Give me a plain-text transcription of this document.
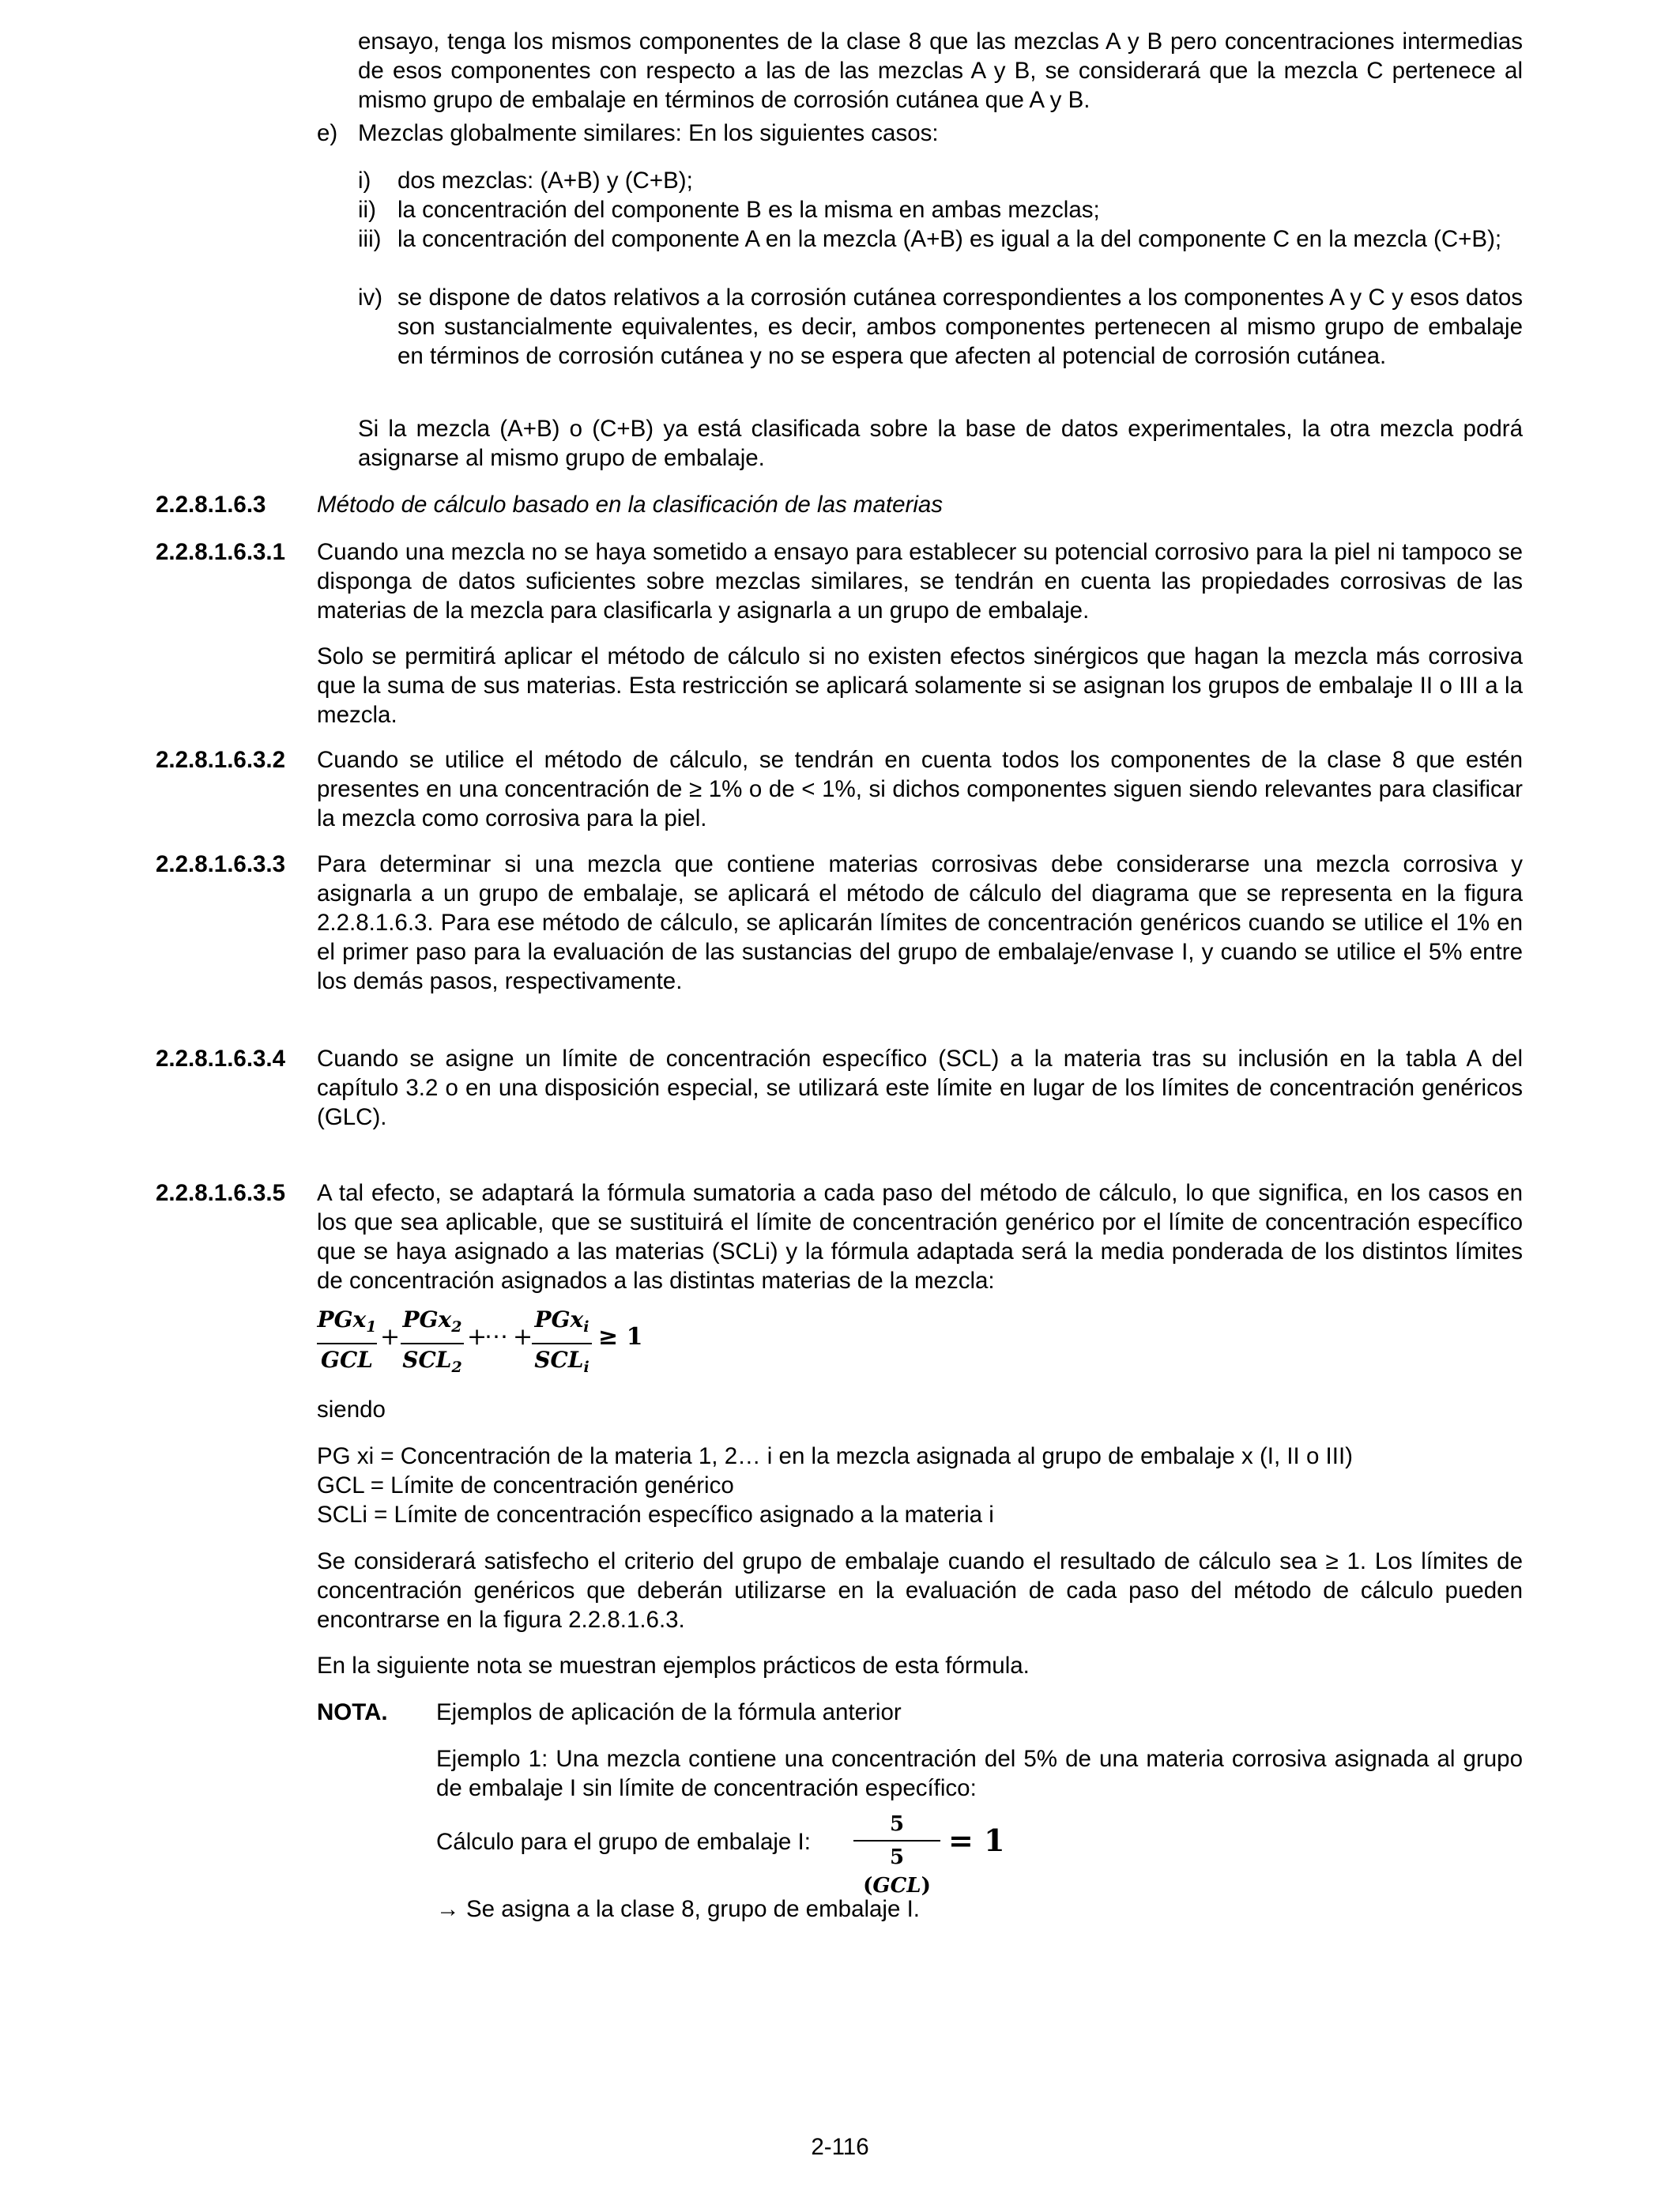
ensayo, tenga los mismos componentes de la clase 8 que las mezclas A y B pero concentraciones intermedias de esos componentes con respecto a las de las mezclas A y B, se considerará que la mezcla C pertenece al mismo grupo de embalaje en términos de corrosión cutánea que A y B.

e) Mezclas globalmente similares: En los siguientes casos:

i) dos mezclas: (A+B) y (C+B);

ii) la concentración del componente B es la misma en ambas mezclas;

iii) la concentración del componente A en la mezcla (A+B) es igual a la del componente C en la mezcla (C+B);

iv) se dispone de datos relativos a la corrosión cutánea correspondientes a los componentes A y C y esos datos son sustancialmente equivalentes, es decir, ambos componentes pertenecen al mismo grupo de embalaje en términos de corrosión cutánea y no se espera que afecten al potencial de corrosión cutánea.

Si la mezcla (A+B) o (C+B) ya está clasificada sobre la base de datos experimentales, la otra mezcla podrá asignarse al mismo grupo de embalaje.

2.2.8.1.6.3 Método de cálculo basado en la clasificación de las materias

2.2.8.1.6.3.1 Cuando una mezcla no se haya sometido a ensayo para establecer su potencial corrosivo para la piel ni tampoco se disponga de datos suficientes sobre mezclas similares, se tendrán en cuenta las propiedades corrosivas de las materias de la mezcla para clasificarla y asignarla a un grupo de embalaje.

Solo se permitirá aplicar el método de cálculo si no existen efectos sinérgicos que hagan la mezcla más corrosiva que la suma de sus materias. Esta restricción se aplicará solamente si se asignan los grupos de embalaje II o III a la mezcla.

2.2.8.1.6.3.2 Cuando se utilice el método de cálculo, se tendrán en cuenta todos los componentes de la clase 8 que estén presentes en una concentración de ≥ 1% o de < 1%, si dichos componentes siguen siendo relevantes para clasificar la mezcla como corrosiva para la piel.

2.2.8.1.6.3.3 Para determinar si una mezcla que contiene materias corrosivas debe considerarse una mezcla corrosiva y asignarla a un grupo de embalaje, se aplicará el método de cálculo del diagrama que se representa en la figura 2.2.8.1.6.3. Para ese método de cálculo, se aplicarán límites de concentración genéricos cuando se utilice el 1% en el primer paso para la evaluación de las sustancias del grupo de embalaje/envase I, y cuando se utilice el 5% entre los demás pasos, respectivamente.

2.2.8.1.6.3.4 Cuando se asigne un límite de concentración específico (SCL) a la materia tras su inclusión en la tabla A del capítulo 3.2 o en una disposición especial, se utilizará este límite en lugar de los límites de concentración genéricos (GLC).

2.2.8.1.6.3.5 A tal efecto, se adaptará la fórmula sumatoria a cada paso del método de cálculo, lo que significa, en los casos en los que sea aplicable, que se sustituirá el límite de concentración genérico por el límite de concentración específico que se haya asignado a las materias (SCLi) y la fórmula adaptada será la media ponderada de los distintos límites de concentración asignados a las distintas materias de la mezcla:

PGx$_1$
GCL
+
PGx$_2$
$SCL_2$
+
⋯ +
PGx$_i$
$SCL_i$
≥ 1

siendo

PG xi = Concentración de la materia 1, 2… i en la mezcla asignada al grupo de embalaje x (I, II o III)

GCL = Límite de concentración genérico

SCLi = Límite de concentración específico asignado a la materia i

Se considerará satisfecho el criterio del grupo de embalaje cuando el resultado de cálculo sea ≥ 1. Los límites de concentración genéricos que deberán utilizarse en la evaluación de cada paso del método de cálculo pueden encontrarse en la figura 2.2.8.1.6.3.

En la siguiente nota se muestran ejemplos prácticos de esta fórmula.

NOTA. Ejemplos de aplicación de la fórmula anterior

Ejemplo 1: Una mezcla contiene una concentración del 5% de una materia corrosiva asignada al grupo de embalaje I sin límite de concentración específico:

Cálculo para el grupo de embalaje I:
5
5 (GCL)
= 1
→ Se asigna a la clase 8, grupo de embalaje I.

2-116
